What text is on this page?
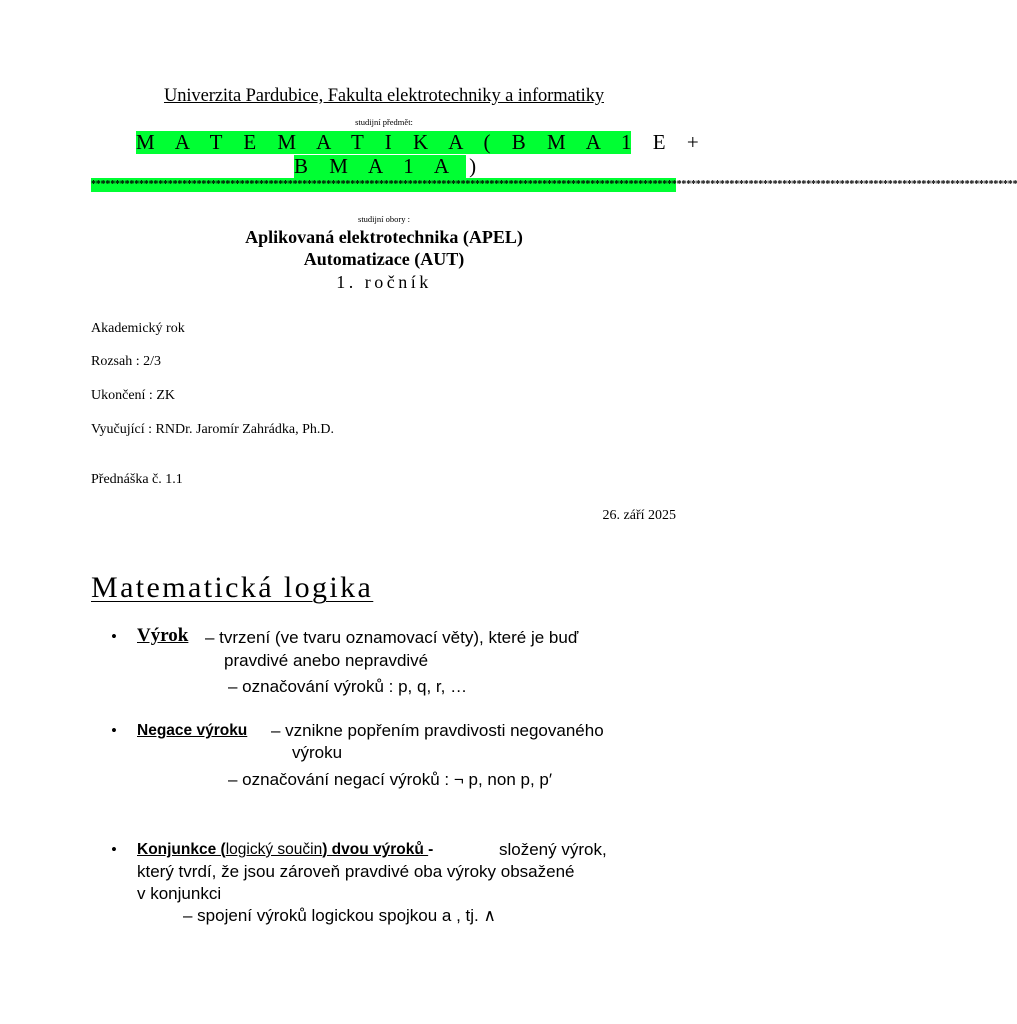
Univerzita Pardubice, Fakulta elektrotechniky a informatiky
studijní předmět:
M A T E M A T I K A ( B M A 1 E +
B M A 1 A )
*************************************************************************************************************************************************************************************************
studijní obory :
Aplikovaná elektrotechnika (APEL)
Automatizace (AUT)
1. ročník
Akademický rok
Rozsah : 2/3
Ukončení : ZK
Vyučující : RNDr. Jaromír Zahrádka, Ph.D.
Přednáška č. 1.1
26. září 2025
Matematická logika
• Výrok – tvrzení (ve tvaru oznamovací věty), které je buď
pravdivé anebo nepravdivé
– označování výroků : p, q, r, …
• Negace výroku – vznikne popřením pravdivosti negovaného
výroku
– označování negací výroků : ¬ p, non p, p′
• Konjunkce (logický součin) dvou výroků -	složený výrok,
který tvrdí, že jsou zároveň pravdivé oba výroky obsažené
v konjunkci
– spojení výroků logickou spojkou a , tj. ∧
